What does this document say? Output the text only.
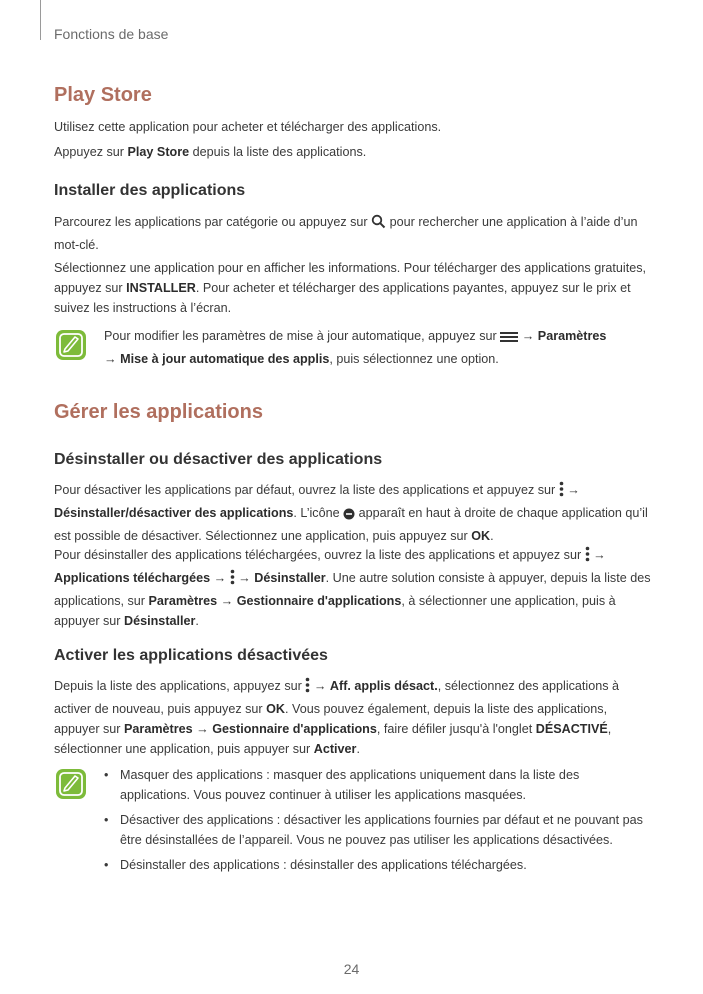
Fonctions de base
Play Store
Utilisez cette application pour acheter et télécharger des applications.
Appuyez sur Play Store depuis la liste des applications.
Installer des applications
Parcourez les applications par catégorie ou appuyez sur  pour rechercher une application à l’aide d’un mot-clé.
Sélectionnez une application pour en afficher les informations. Pour télécharger des applications gratuites, appuyez sur INSTALLER. Pour acheter et télécharger des applications payantes, appuyez sur le prix et suivez les instructions à l’écran.
Pour modifier les paramètres de mise à jour automatique, appuyez sur  → Paramètres
→ Mise à jour automatique des applis, puis sélectionnez une option.
Gérer les applications
Désinstaller ou désactiver des applications
Pour désactiver les applications par défaut, ouvrez la liste des applications et appuyez sur  →
Désinstaller/désactiver des applications. L’icône  apparaît en haut à droite de chaque application qu’il est possible de désactiver. Sélectionnez une application, puis appuyez sur OK.
Pour désinstaller des applications téléchargées, ouvrez la liste des applications et appuyez sur  →
Applications téléchargées →  → Désinstaller. Une autre solution consiste à appuyer, depuis la liste des applications, sur Paramètres → Gestionnaire d'applications, à sélectionner une application, puis à appuyer sur Désinstaller.
Activer les applications désactivées
Depuis la liste des applications, appuyez sur  → Aff. applis désact., sélectionnez des applications à activer de nouveau, puis appuyez sur OK. Vous pouvez également, depuis la liste des applications, appuyer sur Paramètres → Gestionnaire d'applications, faire défiler jusqu'à l'onglet DÉSACTIVÉ, sélectionner une application, puis appuyer sur Activer.
• Masquer des applications : masquer des applications uniquement dans la liste des applications. Vous pouvez continuer à utiliser les applications masquées.
• Désactiver des applications : désactiver les applications fournies par défaut et ne pouvant pas être désinstallées de l’appareil. Vous ne pouvez pas utiliser les applications désactivées.
• Désinstaller des applications : désinstaller des applications téléchargées.
24
